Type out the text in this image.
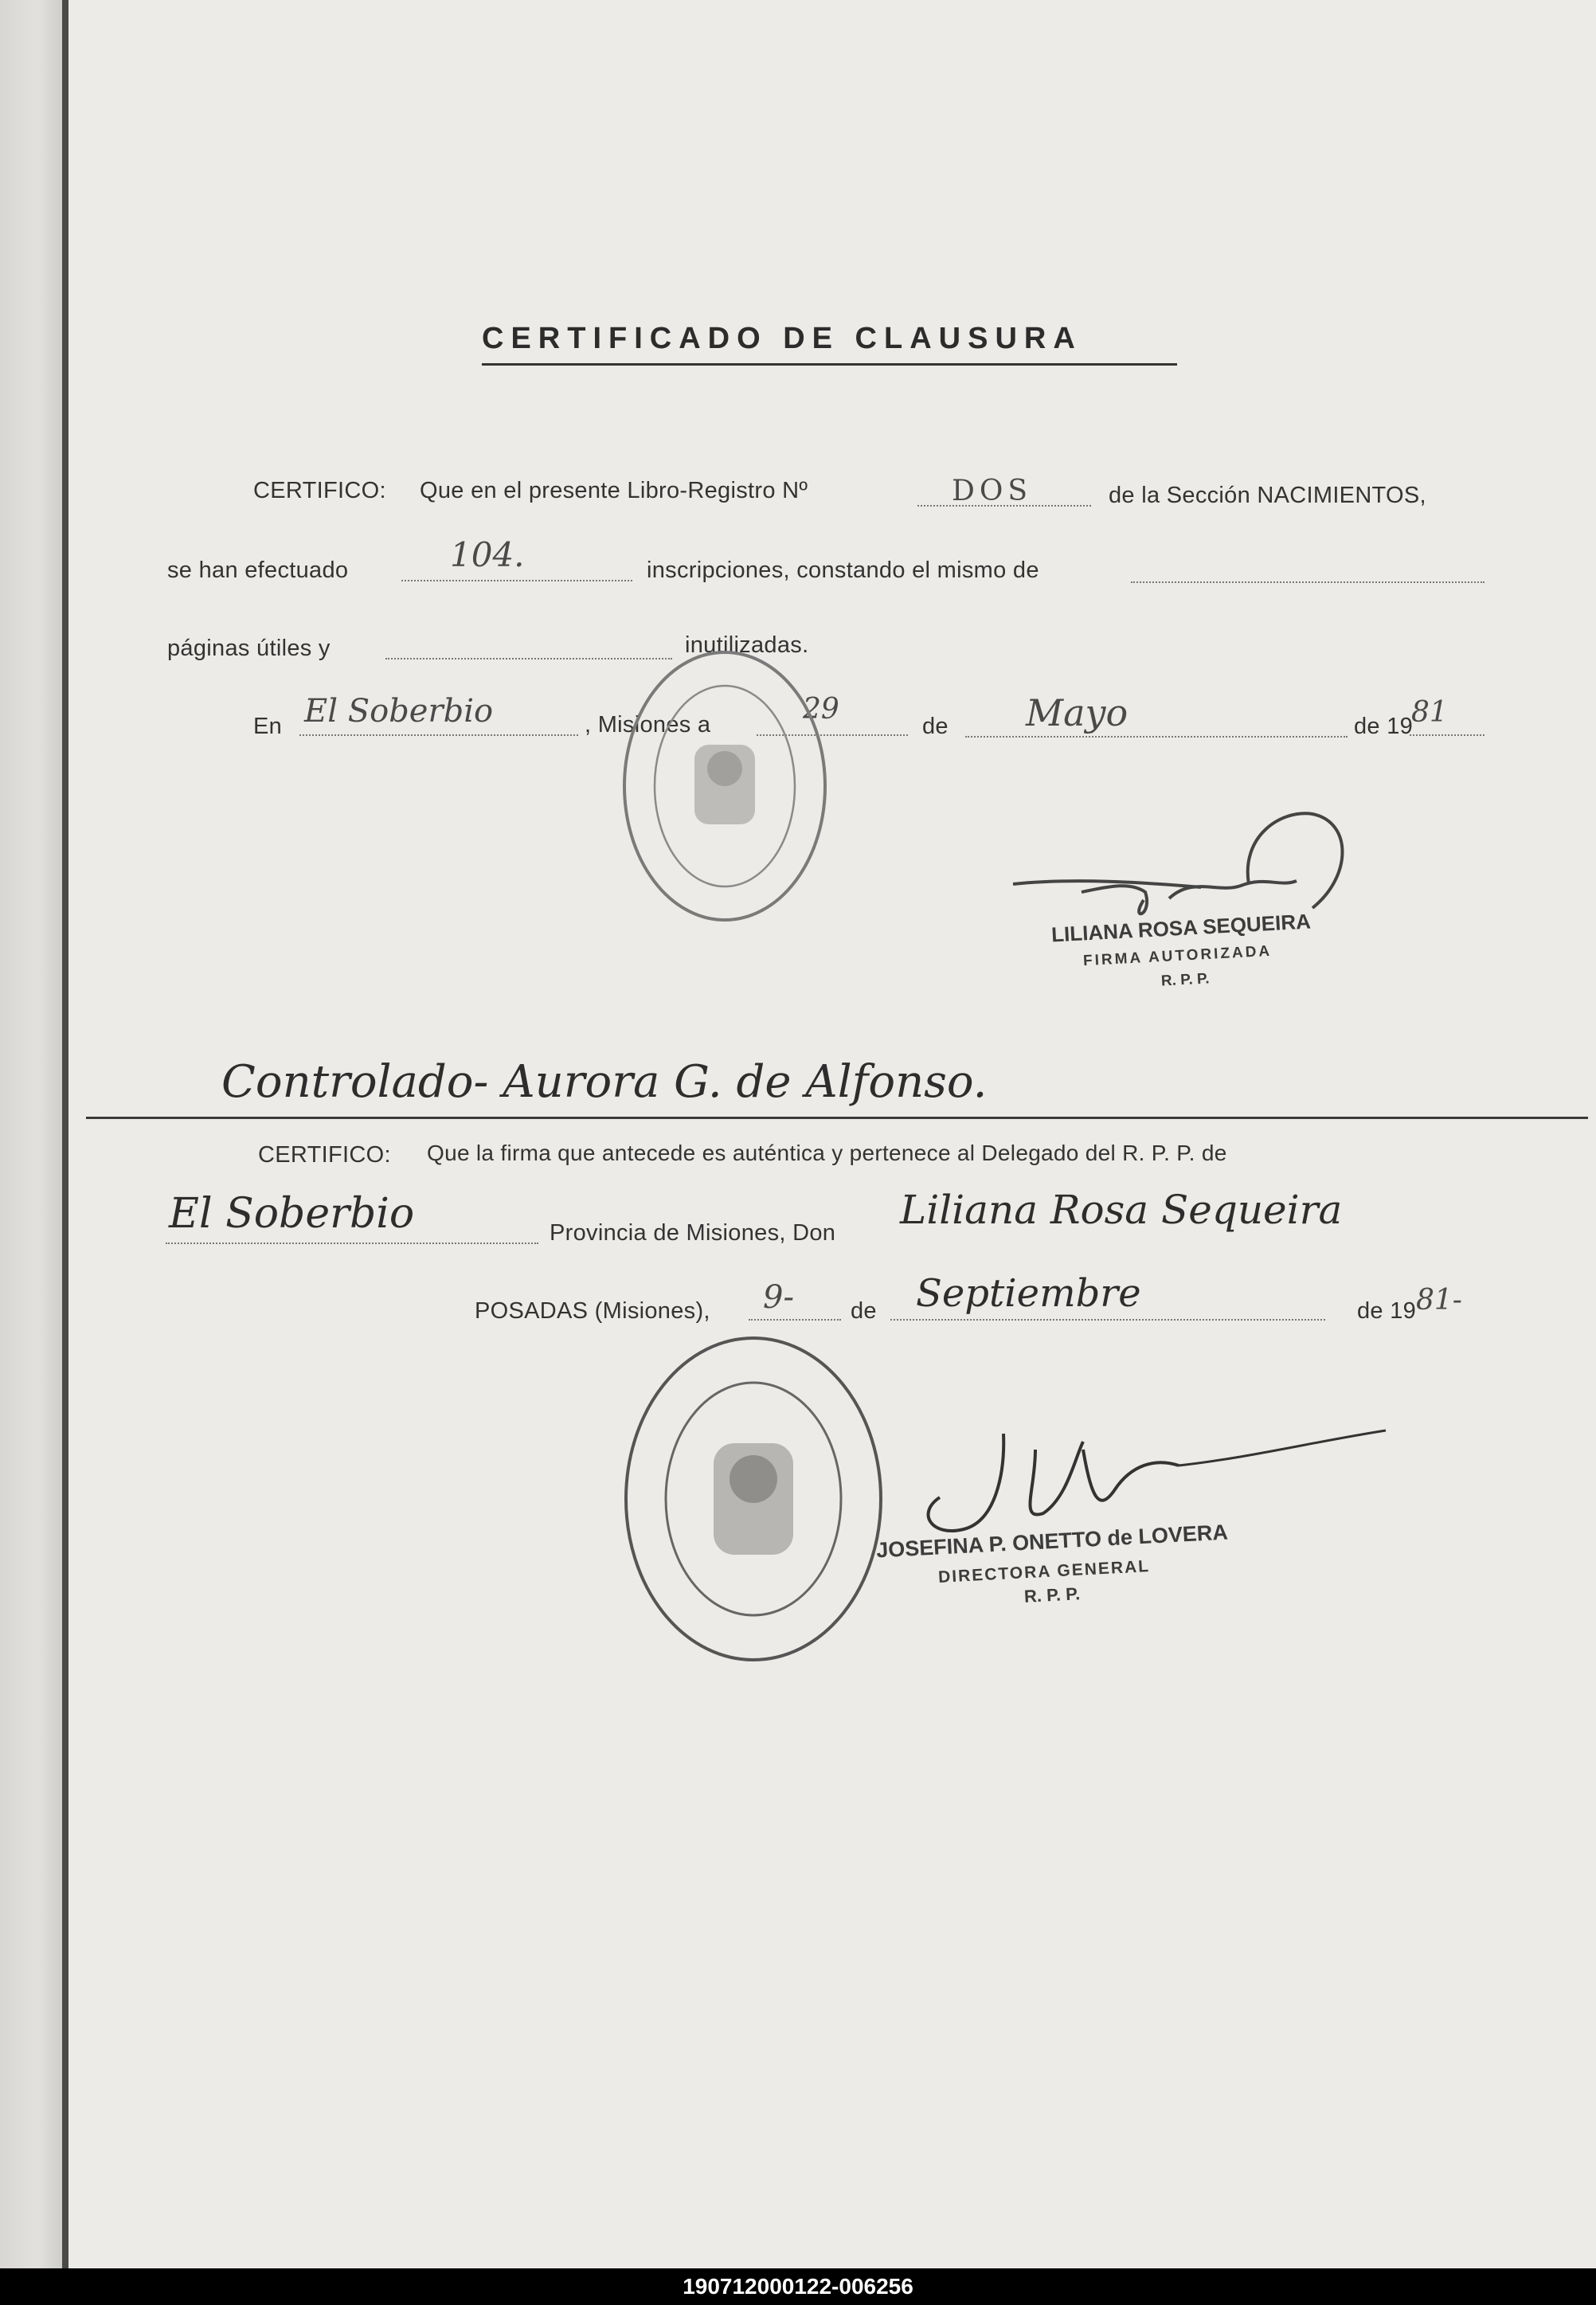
CERTIFICADO DE CLAUSURA
CERTIFICO: Que en el presente Libro-Registro Nº	DOS	de la Sección NACIMIENTOS,
se han efectuado	104.	inscripciones, constando el mismo de
páginas útiles y	inutilizadas.
En El Soberbio	, Misiones a	29
de Mayo	de 19
81
LILIANA ROSA SEQUEIRA
FIRMA AUTORIZADA
R. P. P.
Controlado- Aurora G. de Alfonso.
CERTIFICO: Que la firma que antecede es auténtica y pertenece al Delegado del R. P. P. de
El Soberbio	Provincia de Misiones, Don Liliana Rosa Sequeira
POSADAS (Misiones), 9- de Septiembre	de 19 81-
JOSEFINA P. ONETTO de LOVERA
DIRECTORA GENERAL
R. P. P.
190712000122-006256
